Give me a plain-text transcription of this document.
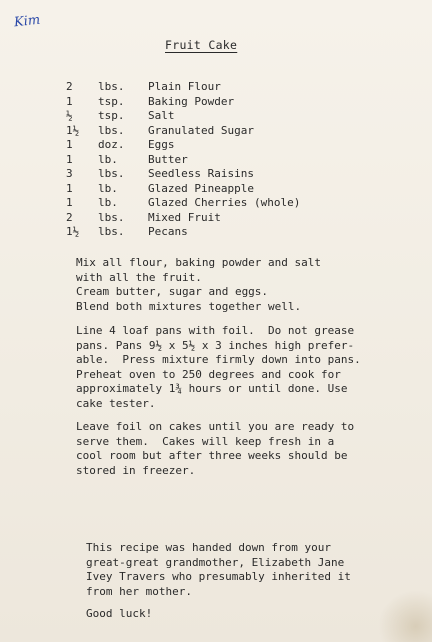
Kim
Fruit Cake
2	lbs.	Plain Flour
1	tsp.	Baking Powder
½	tsp.	Salt
1½	lbs.	Granulated Sugar
1	doz.	Eggs
1	lb.	Butter
3	lbs.	Seedless Raisins
1	lb.	Glazed Pineapple
1	lb.	Glazed Cherries (whole)
2	lbs.	Mixed Fruit
1½	lbs.	Pecans
Mix all flour, baking powder and salt
with all the fruit.
Cream butter, sugar and eggs.
Blend both mixtures together well.
Line 4 loaf pans with foil.  Do not grease
pans. Pans 9½ x 5½ x 3 inches high prefer-
able.  Press mixture firmly down into pans.
Preheat oven to 250 degrees and cook for
approximately 1¾ hours or until done. Use
cake tester.
Leave foil on cakes until you are ready to
serve them.  Cakes will keep fresh in a
cool room but after three weeks should be
stored in freezer.
This recipe was handed down from your
great-great grandmother, Elizabeth Jane
Ivey Travers who presumably inherited it
from her mother.
Good luck!
